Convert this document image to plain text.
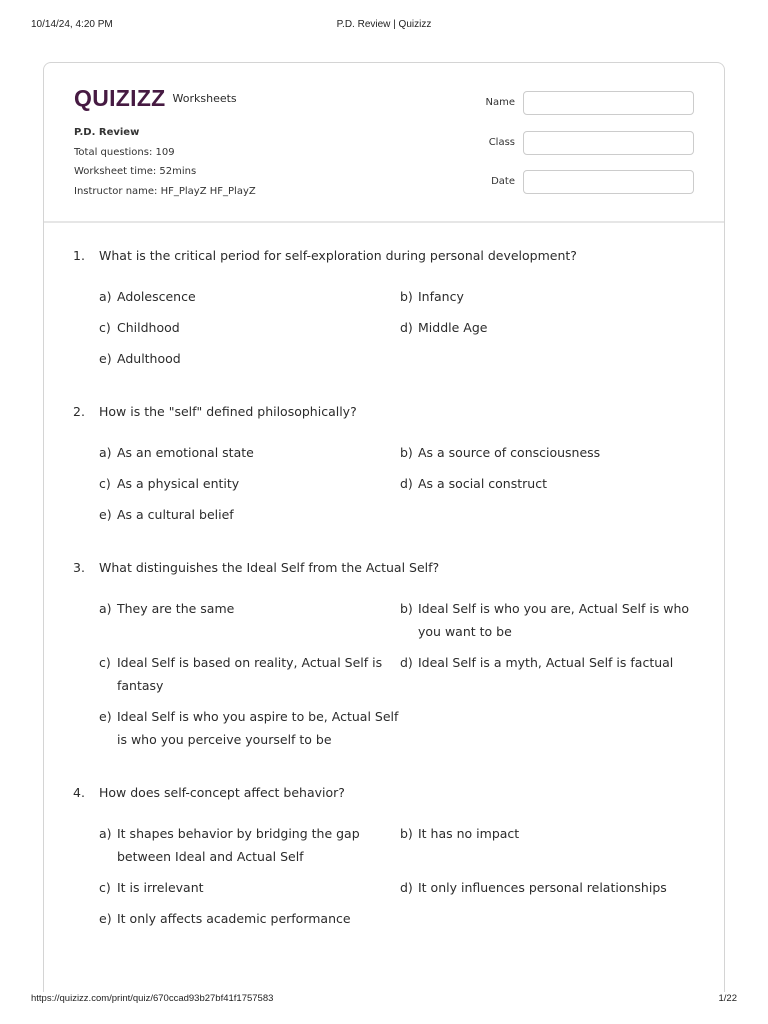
10/14/24, 4:20 PM	P.D. Review | Quizizz
QUIZIZZ Worksheets
P.D. Review
Total questions: 109
Worksheet time: 52mins
Instructor name: HF_PlayZ HF_PlayZ
Name
Class
Date
1.	What is the critical period for self-exploration during personal development?
a) Adolescence	b) Infancy
c) Childhood	d) Middle Age
e) Adulthood
2.	How is the "self" defined philosophically?
a) As an emotional state	b) As a source of consciousness
c) As a physical entity	d) As a social construct
e) As a cultural belief
3.	What distinguishes the Ideal Self from the Actual Self?
a) They are the same	b) Ideal Self is who you are, Actual Self is who you want to be
c) Ideal Self is based on reality, Actual Self is fantasy
d) Ideal Self is a myth, Actual Self is factual
e) Ideal Self is who you aspire to be, Actual Self is who you perceive yourself to be
4.	How does self-concept affect behavior?
a) It shapes behavior by bridging the gap between Ideal and Actual Self
b) It has no impact
c) It is irrelevant	d) It only influences personal relationships
e) It only affects academic performance
https://quizizz.com/print/quiz/670ccad93b27bf41f1757583	1/22
